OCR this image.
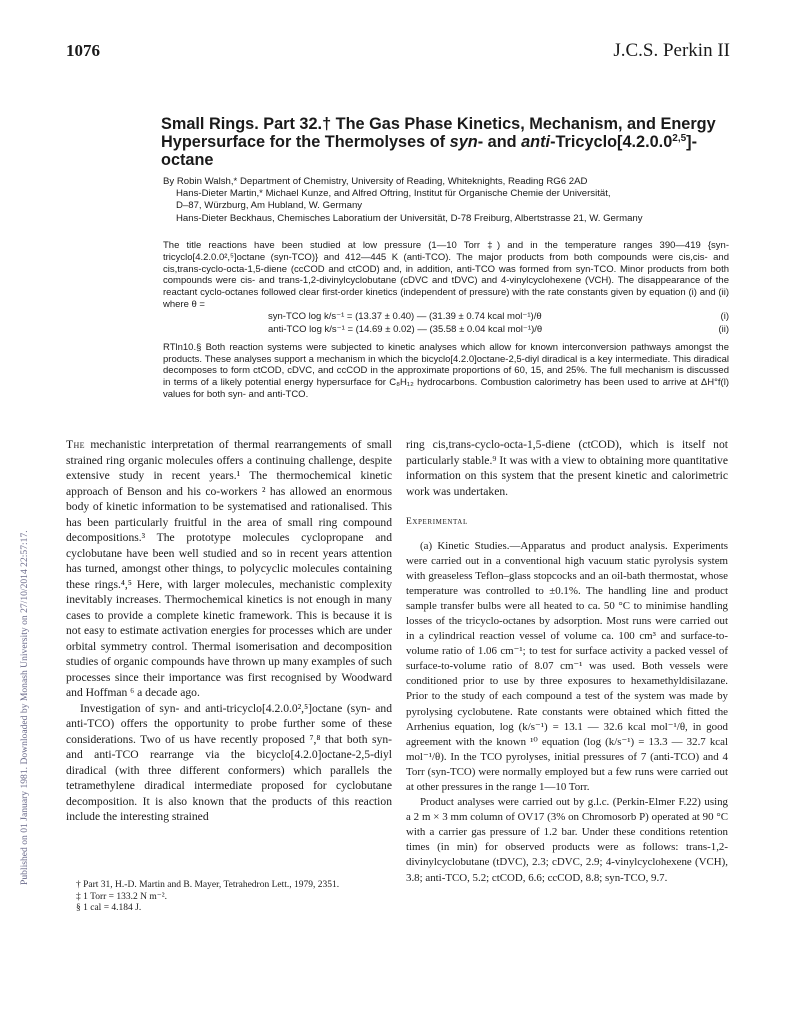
1076	J.C.S. Perkin II
Published on 01 January 1981. Downloaded by Monash University on 27/10/2014 22:57:17.
Small Rings. Part 32.† The Gas Phase Kinetics, Mechanism, and Energy Hypersurface for the Thermolyses of syn- and anti-Tricyclo[4.2.0.0$^{2,5}$]-octane
By Robin Walsh,* Department of Chemistry, University of Reading, Whiteknights, Reading RG6 2AD
Hans-Dieter Martin,* Michael Kunze, and Alfred Oftring, Institut für Organische Chemie der Universität,
D–87, Würzburg, Am Hubland, W. Germany
Hans-Dieter Beckhaus, Chemisches Laboratium der Universität, D-78 Freiburg, Albertstrasse 21, W. Germany

The title reactions have been studied at low pressure (1—10 Torr ‡) and in the temperature ranges 390—419 {syn-tricyclo[4.2.0.0²,⁵]octane (syn-TCO)} and 412—445 K (anti-TCO). The major products from both compounds were cis,cis- and cis,trans-cyclo-octa-1,5-diene (ccCOD and ctCOD) and, in addition, anti-TCO was formed from syn-TCO. Minor products from both compounds were cis- and trans-1,2-divinylcyclobutane (cDVC and tDVC) and 4-vinylcyclohexene (VCH). The disappearance of the reactant cyclo-octanes followed clear first-order kinetics (independent of pressure) with the rate constants given by equation (i) and (ii) where θ =

syn-TCO log k/s⁻¹ = (13.37 ± 0.40) — (31.39 ± 0.74 kcal mol⁻¹)/θ	(i)
anti-TCO log k/s⁻¹ = (14.69 ± 0.02) — (35.58 ± 0.04 kcal mol⁻¹)/θ	(ii)

RTln10.§ Both reaction systems were subjected to kinetic analyses which allow for known interconversion pathways amongst the products. These analyses support a mechanism in which the bicyclo[4.2.0]octane-2,5-diyl diradical is a key intermediate. This diradical decomposes to form ctCOD, cDVC, and ccCOD in the approximate proportions of 60, 15, and 25%. The full mechanism is discussed in terms of a likely potential energy hypersurface for C₈H₁₂ hydrocarbons. Combustion calorimetry has been used to arrive at ΔH°f(l) values for both syn- and anti-TCO.

The mechanistic interpretation of thermal rearrangements of small strained ring organic molecules offers a continuing challenge, despite extensive study in recent years.¹ The thermochemical kinetic approach of Benson and his co-workers ² has allowed an enormous body of kinetic information to be systematised and rationalised. This has been particularly fruitful in the area of small ring compound decompositions.³ The prototype molecules cyclopropane and cyclobutane have been well studied and so in recent years attention has turned, amongst other things, to polycyclic molecules containing these rings.⁴,⁵ Here, with larger molecules, mechanistic complexity inevitably increases. Thermochemical kinetics is not enough in many cases to provide a complete kinetic framework. This is because it is not easy to estimate activation energies for processes which are under orbital symmetry control. Thermal isomerisation and decomposition studies of organic compounds have thrown up many examples of such processes since their importance was first recognised by Woodward and Hoffman ⁶ a decade ago.

Investigation of syn- and anti-tricyclo[4.2.0.0²,⁵]octane (syn- and anti-TCO) offers the opportunity to probe further some of these considerations. Two of us have recently proposed ⁷,⁸ that both syn- and anti-TCO rearrange via the bicyclo[4.2.0]octane-2,5-diyl diradical (with three different conformers) which parallels the tetramethylene diradical intermediate proposed for cyclobutane decomposition. It is also known that the products of this reaction include the interesting strained

† Part 31, H.-D. Martin and B. Mayer, Tetrahedron Lett., 1979, 2351.

‡ 1 Torr = 133.2 N m⁻².

§ 1 cal = 4.184 J.

ring cis,trans-cyclo-octa-1,5-diene (ctCOD), which is itself not particularly stable.⁹ It was with a view to obtaining more quantitative information on this system that the present kinetic and calorimetric work was undertaken.

Experimental

(a) Kinetic Studies.—Apparatus and product analysis. Experiments were carried out in a conventional high vacuum static pyrolysis system with greaseless Teflon–glass stopcocks and an oil-bath thermostat, whose temperature was controlled to ±0.1%. The handling line and product sample transfer bulbs were all heated to ca. 50 °C to minimise handling losses of the tricyclo-octanes by adsorption. Most runs were carried out in a cylindrical reaction vessel of volume ca. 100 cm³ and surface-to-volume ratio of 1.06 cm⁻¹; to test for surface activity a packed vessel of surface-to-volume ratio of 8.07 cm⁻¹ was used. Both vessels were conditioned prior to use by three exposures to hexamethyldisilazane. Prior to the study of each compound a test of the system was made by pyrolysing cyclobutene. Rate constants were obtained which fitted the Arrhenius equation, log (k/s⁻¹) = 13.1 — 32.6 kcal mol⁻¹/θ, in good agreement with the known ¹⁰ equation (log (k/s⁻¹) = 13.3 — 32.7 kcal mol⁻¹/θ). In the TCO pyrolyses, initial pressures of 7 (anti-TCO) and 4 Torr (syn-TCO) were normally employed but a few runs were carried out at other pressures in the range 1—10 Torr.

Product analyses were carried out by g.l.c. (Perkin-Elmer F.22) using a 2 m × 3 mm column of OV17 (3% on Chromosorb P) operated at 90 °C with a carrier gas pressure of 1.2 bar. Under these conditions retention times (in min) for observed products were as follows: trans-1,2-divinylcyclobutane (tDVC), 2.3; cDVC, 2.9; 4-vinylcyclohexene (VCH), 3.8; anti-TCO, 5.2; ctCOD, 6.6; ccCOD, 8.8; syn-TCO, 9.7.
